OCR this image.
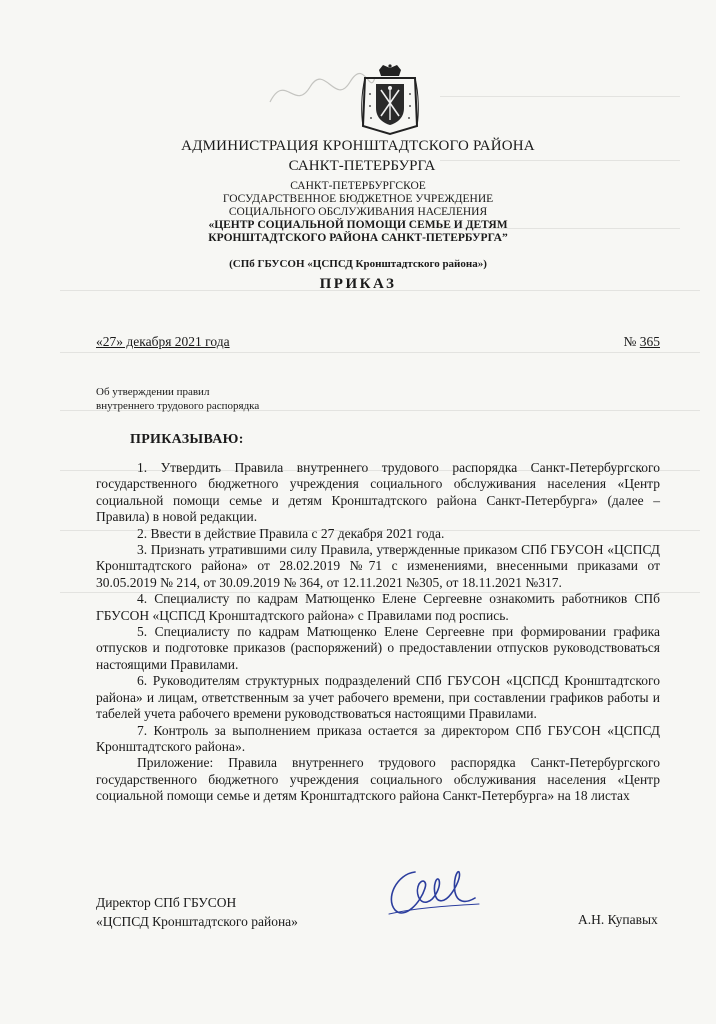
АДМИНИСТРАЦИЯ КРОНШТАДТСКОГО РАЙОНА
САНКТ-ПЕТЕРБУРГА
САНКТ-ПЕТЕРБУРГСКОЕ
ГОСУДАРСТВЕННОЕ БЮДЖЕТНОЕ УЧРЕЖДЕНИЕ
СОЦИАЛЬНОГО ОБСЛУЖИВАНИЯ НАСЕЛЕНИЯ
«ЦЕНТР СОЦИАЛЬНОЙ ПОМОЩИ СЕМЬЕ И ДЕТЯМ
КРОНШТАДТСКОГО РАЙОНА САНКТ-ПЕТЕРБУРГА”
(СПб ГБУСОН «ЦСПСД Кронштадтского района»)
ПРИКАЗ
«27» декабря 2021 года	№ 365
Об утверждении правил
внутреннего трудового распорядка
ПРИКАЗЫВАЮ:

1. Утвердить Правила внутреннего трудового распорядка Санкт-Петербургского государственного бюджетного учреждения социального обслуживания населения «Центр социальной помощи семье и детям Кронштадтского района Санкт-Петербурга» (далее – Правила) в новой редакции.

2. Ввести в действие Правила с 27 декабря 2021 года.

3. Признать утратившими силу Правила, утвержденные приказом СПб ГБУСОН «ЦСПСД Кронштадтского района» от 28.02.2019 №71 с изменениями, внесенными приказами от 30.05.2019 № 214, от 30.09.2019 № 364, от 12.11.2021 №305, от 18.11.2021 №317.

4. Специалисту по кадрам Матющенко Елене Сергеевне ознакомить работников СПб ГБУСОН «ЦСПСД Кронштадтского района» с Правилами под роспись.

5. Специалисту по кадрам Матющенко Елене Сергеевне при формировании графика отпусков и подготовке приказов (распоряжений) о предоставлении отпусков руководствоваться настоящими Правилами.

6. Руководителям структурных подразделений СПб ГБУСОН «ЦСПСД Кронштадтского района» и лицам, ответственным за учет рабочего времени, при составлении графиков работы и табелей учета рабочего времени руководствоваться настоящими Правилами.

7. Контроль за выполнением приказа остается за директором СПб ГБУСОН «ЦСПСД Кронштадтского района».

Приложение: Правила внутреннего трудового распорядка Санкт-Петербургского государственного бюджетного учреждения социального обслуживания населения «Центр социальной помощи семье и детям Кронштадтского района Санкт-Петербурга» на 18 листах

Директор СПб ГБУСОН
«ЦСПСД Кронштадтского района»	А.Н. Купавых
